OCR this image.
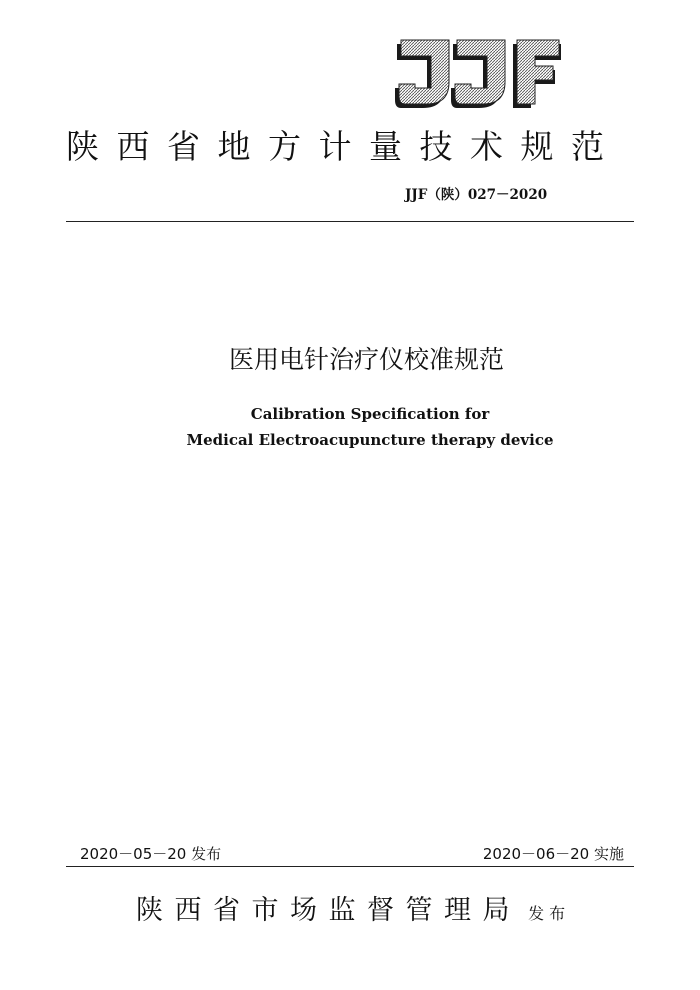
陕西省地方计量技术规范
JJF（陕）027－2020
医用电针治疗仪校准规范
Calibration Specification for
Medical Electroacupuncture therapy device
2020－05－20 发布	2020－06－20 实施
陕西省市场监督管理局 发布
